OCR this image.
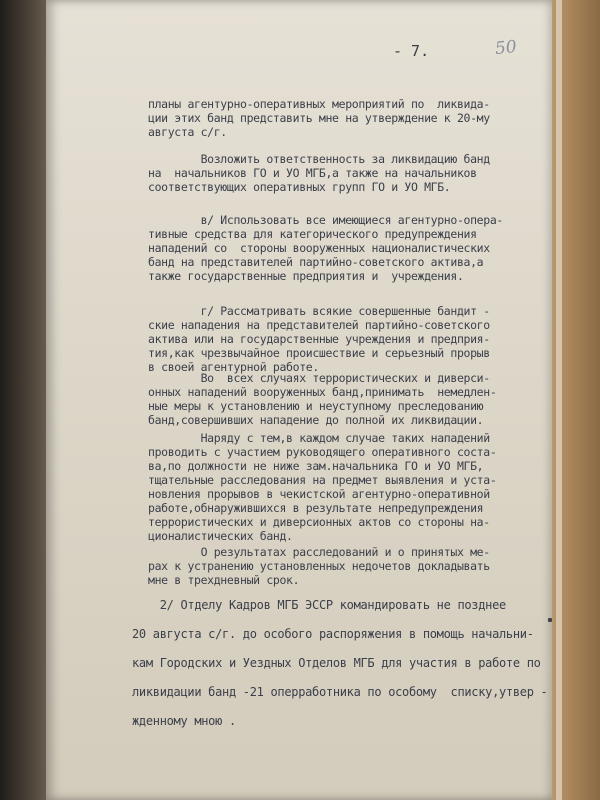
- 7.	50
планы агентурно-оперативных мероприятий по  ликвида-
ции этих банд представить мне на утверждение к 20-му
августа с/г.
Возложить ответственность за ликвидацию банд
на  начальников ГО и УО МГБ,а также на начальников
соответствующих оперативных групп ГО и УО МГБ.
в/ Использовать все имеющиеся агентурно-опера-
тивные средства для категорического предупреждения
нападений со  стороны вооруженных националистических
банд на представителей партийно-советского актива,а
также государственные предприятия и  учреждения.
г/ Рассматривать всякие совершенные бандит -
ские нападения на представителей партийно-советского
актива или на государственные учреждения и предприя-
тия,как чрезвычайное происшествие и серьезный прорыв
в своей агентурной работе.
Во  всех случаях террористических и диверси-
онных нападений вооруженных банд,принимать  немедлен-
ные меры к установлению и неуступному преследованию
банд,совершивших нападение до полной их ликвидации.
Наряду с тем,в каждом случае таких нападений
проводить с участием руководящего оперативного соста-
ва,по должности не ниже зам.начальника ГО и УО МГБ,
тщательные расследования на предмет выявления и уста-
новления прорывов в чекистской агентурно-оперативной
работе,обнаружившихся в результате непредупреждения
террористических и диверсионных актов со стороны на-
ционалистических банд.
О результатах расследований и о принятых ме-
рах к устранению установленных недочетов докладывать
мне в трехдневный срок.
2/ Отделу Кадров МГБ ЭССР командировать не позднее
20 августа с/г. до особого распоряжения в помощь начальни-
кам Городских и Уездных Отделов МГБ для участия в работе по
ликвидации банд -21 оперработника по особому  списку,утвер -
жденному мною .
